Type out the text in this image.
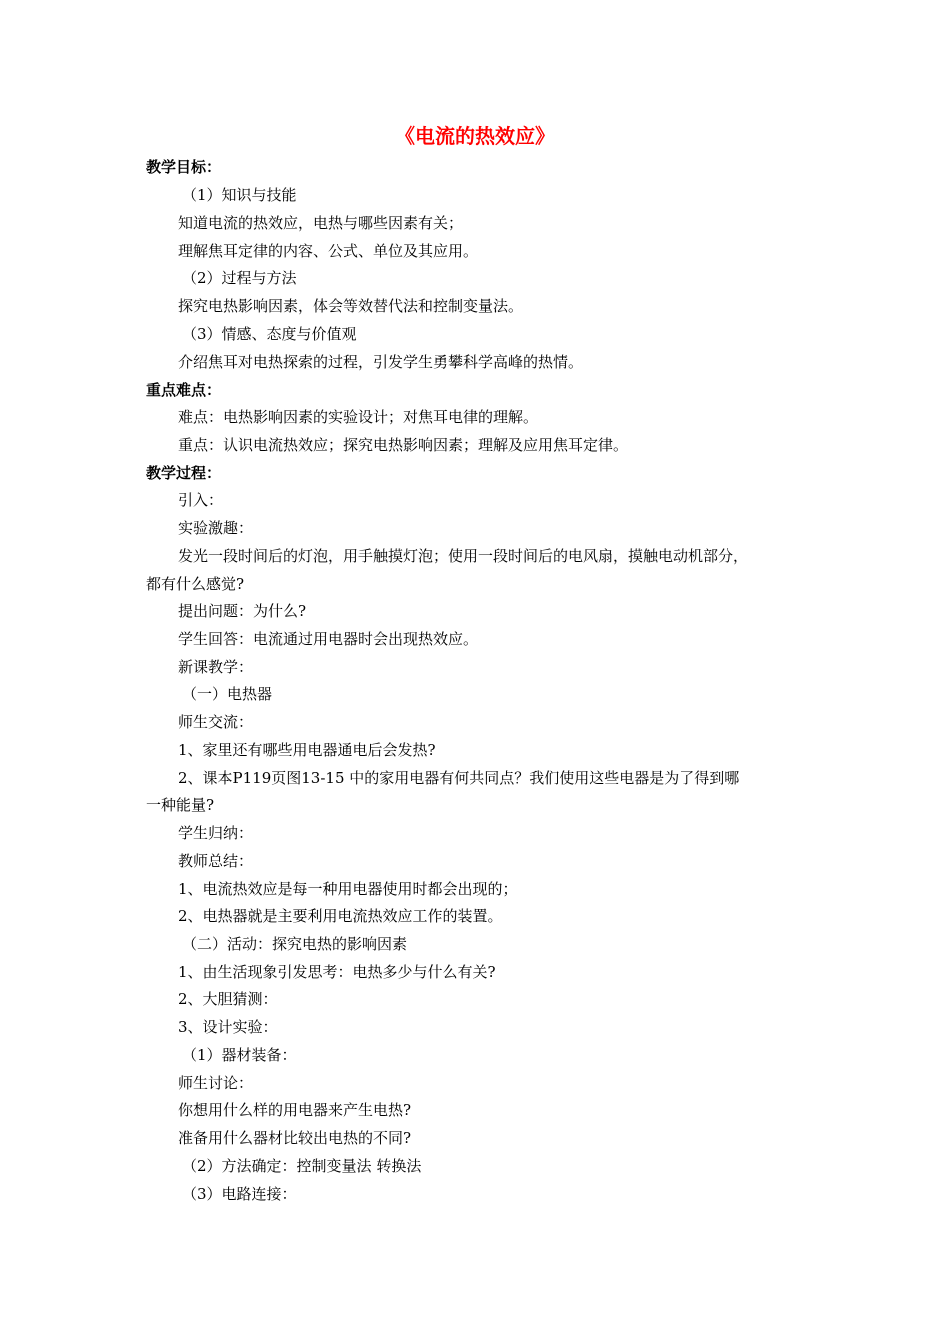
《电流的热效应》
教学目标：
（1）知识与技能
知道电流的热效应，电热与哪些因素有关；
理解焦耳定律的内容、公式、单位及其应用。
（2）过程与方法
探究电热影响因素，体会等效替代法和控制变量法。
（3）情感、态度与价值观
介绍焦耳对电热探索的过程，引发学生勇攀科学高峰的热情。
重点难点：
难点：电热影响因素的实验设计；对焦耳电律的理解。
重点：认识电流热效应；探究电热影响因素；理解及应用焦耳定律。
教学过程：
引入：
实验激趣：
发光一段时间后的灯泡，用手触摸灯泡；使用一段时间后的电风扇，摸触电动机部分，
都有什么感觉?
提出问题：为什么?
学生回答：电流通过用电器时会出现热效应。
新课教学：
（一）电热器
师生交流：
1、家里还有哪些用电器通电后会发热?
2、课本P119页图13-15 中的家用电器有何共同点？我们使用这些电器是为了得到哪
一种能量?
学生归纳：
教师总结：
1、电流热效应是每一种用电器使用时都会出现的；
2、电热器就是主要利用电流热效应工作的装置。
（二）活动：探究电热的影响因素
1、由生活现象引发思考：电热多少与什么有关?
2、大胆猜测：
3、设计实验：
（1）器材装备：
师生讨论：
你想用什么样的用电器来产生电热?
准备用什么器材比较出电热的不同?
（2）方法确定：控制变量法 转换法
（3）电路连接：
